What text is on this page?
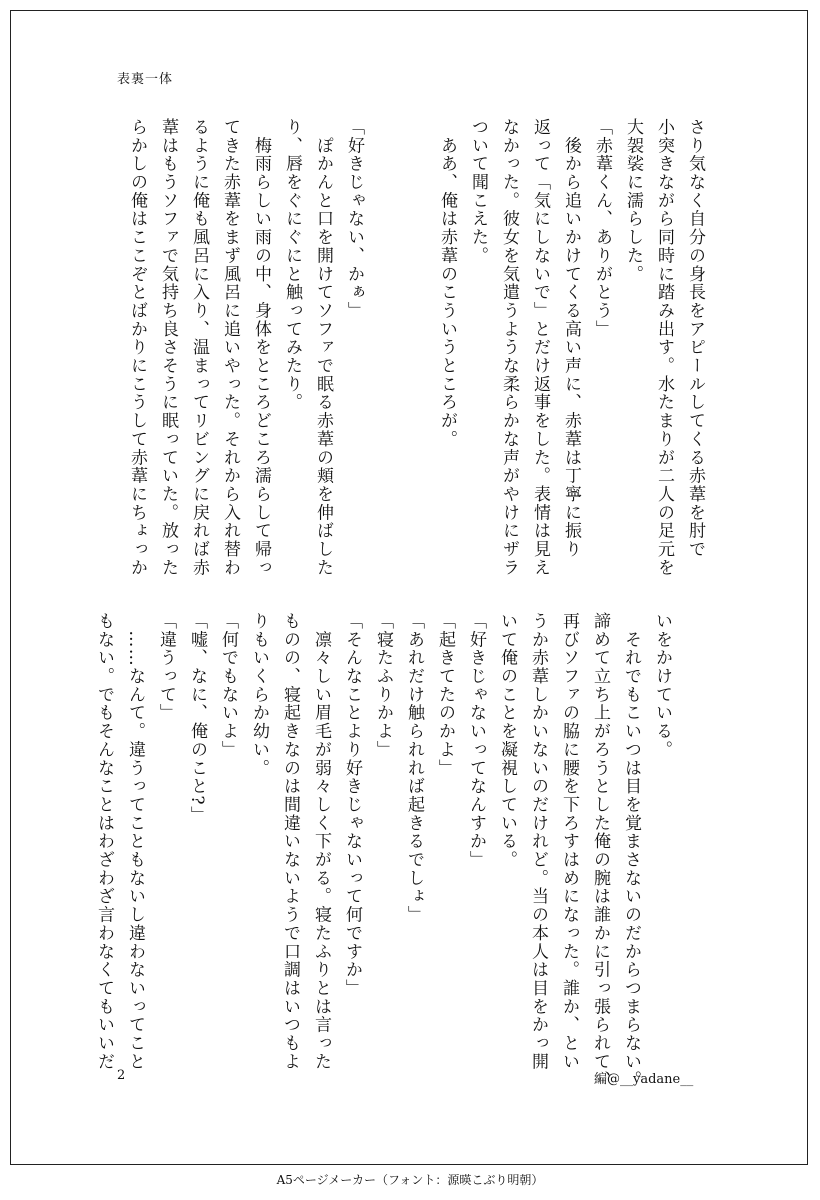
表裏一体

さり気なく自分の身長をアピールしてくる赤葦を肘で

小突きながら同時に踏み出す。水たまりが二人の足元を

大袈裟に濡らした。

「赤葦くん、ありがとう」

　後から追いかけてくる高い声に、赤葦は丁寧に振り

返って「気にしないで」とだけ返事をした。表情は見え

なかった。彼女を気遣うような柔らかな声がやけにザラ

ついて聞こえた。

　ああ、俺は赤葦のこういうところが。

「好きじゃない、かぁ」

　ぽかんと口を開けてソファで眠る赤葦の頬を伸ばした

り、唇をぐにぐにと触ってみたり。

　梅雨らしい雨の中、身体をところどころ濡らして帰っ

てきた赤葦をまず風呂に追いやった。それから入れ替わ

るように俺も風呂に入り、温まってリビングに戻れば赤

葦はもうソファで気持ち良さそうに眠っていた。放った

らかしの俺はここぞとばかりにこうして赤葦にちょっか

いをかけている。

　それでもこいつは目を覚まさないのだからつまらない。

諦めて立ち上がろうとした俺の腕は誰かに引っ張られて、

再びソファの脇に腰を下ろすはめになった。誰か、とい

うか赤葦しかいないのだけれど。当の本人は目をかっ開

いて俺のことを凝視している。

「好きじゃないってなんすか」

「起きてたのかよ」

「あれだけ触られれば起きるでしょ」

「寝たふりかよ」

「そんなことより好きじゃないって何ですか」

　凛々しい眉毛が弱々しく下がる。寝たふりとは言った

ものの、寝起きなのは間違いないようで口調はいつもよ

りもいくらか幼い。

「何でもないよ」

「嘘、なに、俺のこと?」

「違うって」

　……なんて。違うってこともないし違わないってこと

もない。でもそんなことはわざわざ言わなくてもいいだ

2	編@__yadane__
A5ページメーカー（フォント：源暎こぶり明朝）
